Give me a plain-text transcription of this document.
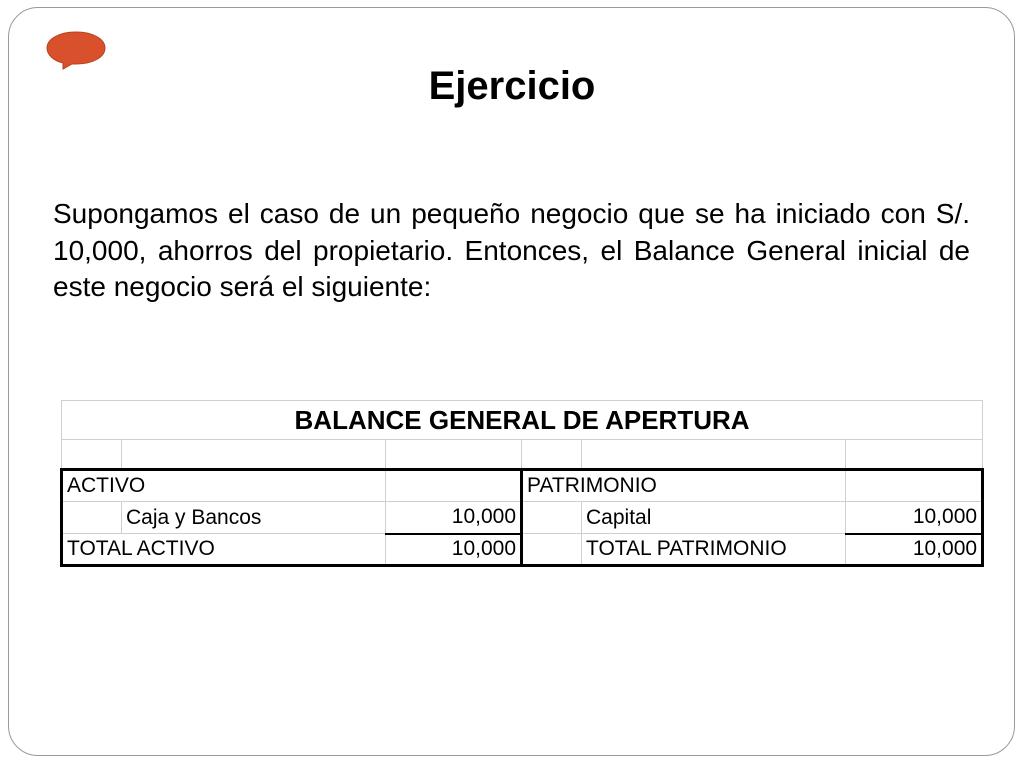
Ejercicio

Supongamos el caso de un pequeño negocio que se ha iniciado con S/. 10,000, ahorros del propietario. Entonces, el Balance General inicial de este negocio será el siguiente:

BALANCE GENERAL DE APERTURA					

ACTIVO			PATRIMONIO		
	Caja y Bancos	10,000		Capital	10,000
TOTAL ACTIVO		10,000		TOTAL PATRIMONIO	10,000
